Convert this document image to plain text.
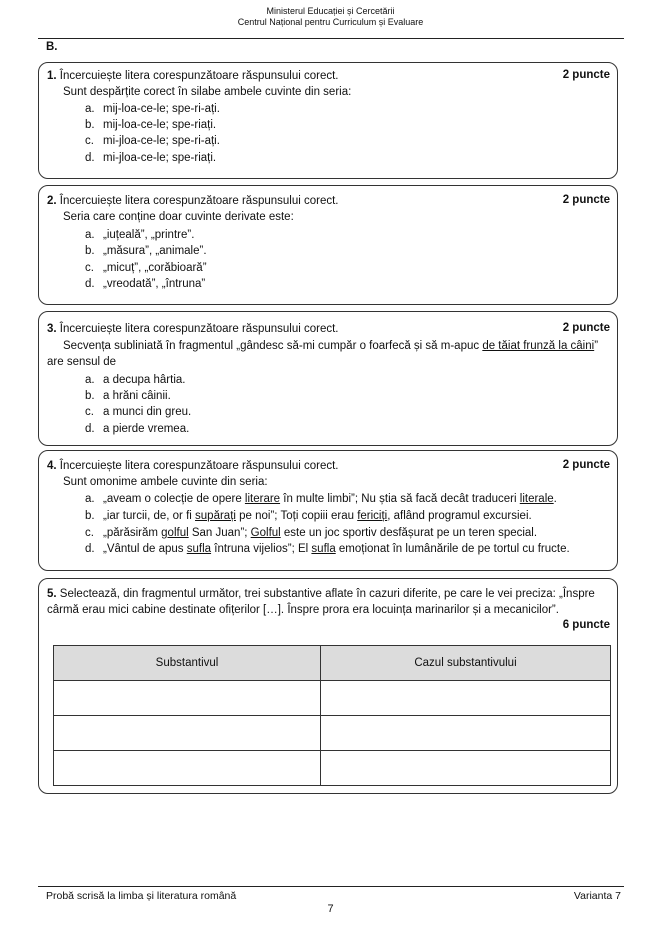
Ministerul Educației și Cercetării
Centrul Național pentru Curriculum și Evaluare
B.
1. Încercuiește litera corespunzătoare răspunsului corect.	2 puncte
Sunt despărțite corect în silabe ambele cuvinte din seria:
a. mij-loa-ce-le; spe-ri-ați.
b. mij-loa-ce-le; spe-riați.
c. mi-jloa-ce-le; spe-ri-ați.
d. mi-jloa-ce-le; spe-riați.
2. Încercuiește litera corespunzătoare răspunsului corect.	2 puncte
Seria care conține doar cuvinte derivate este:
a. „iuțeală”, „printre”.
b. „măsura”, „animale”.
c. „micuț”, „corăbioară”
d. „vreodată”, „întruna”
3. Încercuiește litera corespunzătoare răspunsului corect.	2 puncte
Secvența subliniată în fragmentul „gândesc să-mi cumpăr o foarfecă și să m-apuc de tăiat frunză la câini”
are sensul de
a. a decupa hârtia.
b. a hrăni câinii.
c. a munci din greu.
d. a pierde vremea.
4. Încercuiește litera corespunzătoare răspunsului corect.	2 puncte
Sunt omonime ambele cuvinte din seria:
a. „aveam o colecție de opere literare în multe limbi”; Nu știa să facă decât traduceri literale.
b. „iar turcii, de, or fi supărați pe noi”; Toți copiii erau fericiți, aflând programul excursiei.
c. „părăsirăm golful San Juan”; Golful este un joc sportiv desfășurat pe un teren special.
d. „Vântul de apus sufla întruna vijelios”; El sufla emoționat în lumânările de pe tortul cu fructe.
5. Selectează, din fragmentul următor, trei substantive aflate în cazuri diferite, pe care le vei preciza: „Înspre
cârmă erau mici cabine destinate ofițerilor […]. Înspre prora era locuința marinarilor și a mecanicilor”.
6 puncte
Substantivul	Cazul substantivului

Probă scrisă la limba și literatura română	Varianta 7
7
